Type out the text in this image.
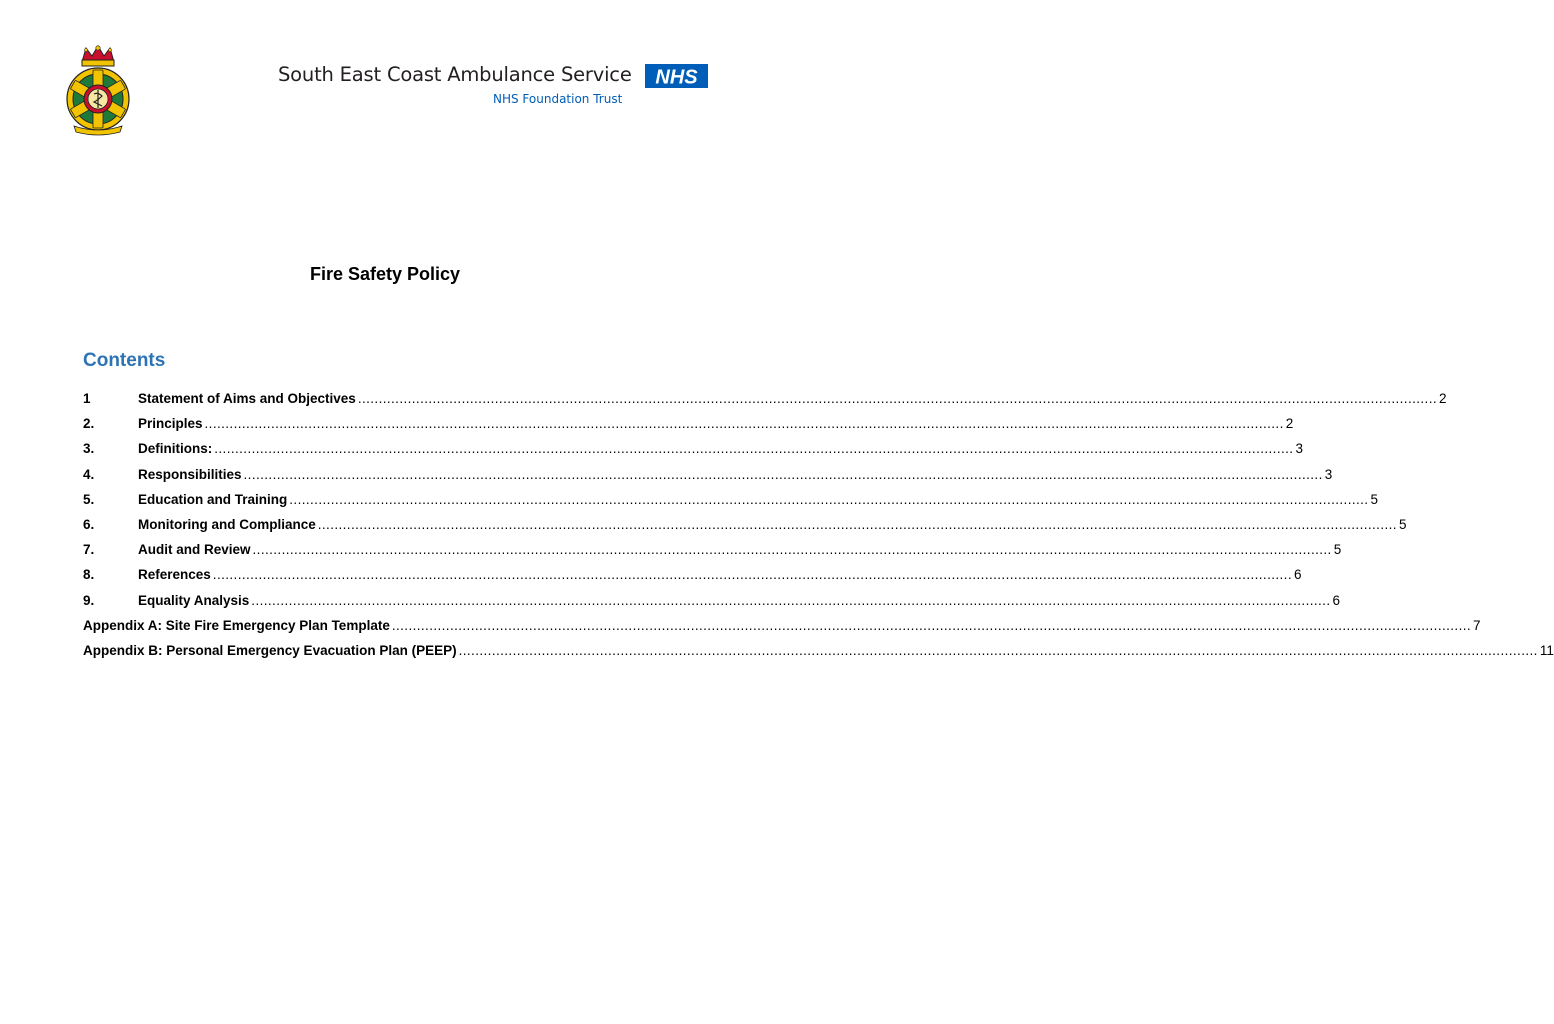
South East Coast Ambulance Service
NHS Foundation Trust
NHS
Fire Safety Policy
Contents
1	Statement of Aims and Objectives .................................................................................................................................................................................................................................................................... 2
2.	Principles .................................................................................................................................................................................................................................................................... 2
3.	Definitions: .................................................................................................................................................................................................................................................................... 3
4.	Responsibilities .................................................................................................................................................................................................................................................................... 3
5.	Education and Training .................................................................................................................................................................................................................................................................... 5
6.	Monitoring and Compliance .................................................................................................................................................................................................................................................................... 5
7.	Audit and Review .................................................................................................................................................................................................................................................................... 5
8.	References .................................................................................................................................................................................................................................................................... 6
9.	Equality Analysis .................................................................................................................................................................................................................................................................... 6
Appendix A: Site Fire Emergency Plan Template .................................................................................................................................................................................................................................................................... 7
Appendix B: Personal Emergency Evacuation Plan (PEEP) .................................................................................................................................................................................................................................................................... 11
